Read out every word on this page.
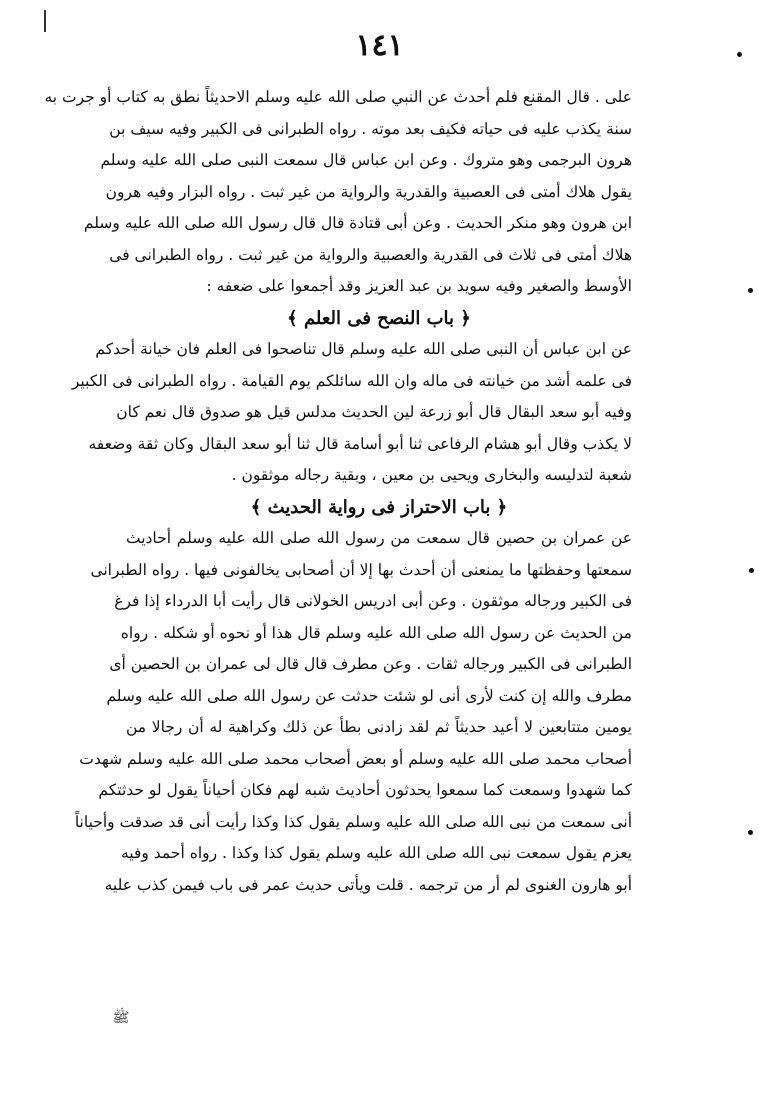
١٤١
على . قال المقنع فلم أحدث عن النبي صلى الله عليه وسلم الاحديثاً نطق به كتاب أو جرت به
سنة يكذب عليه فى حياته فكيف بعد موته . رواه الطبرانى فى الكبير وفيه سيف بن
هرون البرجمى وهو متروك . وعن ابن عباس قال سمعت النبى صلى الله عليه وسلم
يقول هلاك أمتى فى العصبية والقدرية والرواية من غير ثبت . رواه البزار وفيه هرون
ابن هرون وهو منكر الحديث . وعن أبى قتادة قال قال رسول الله صلى الله عليه وسلم
هلاك أمتى فى ثلاث فى القدرية والعصبية والرواية من غير ثبت . رواه الطبرانى فى
الأوسط والصغير وفيه سويد بن عبد العزيز وقد أجمعوا على ضعفه :
﴿ باب النصح فى العلم ﴾
عن ابن عباس أن النبى صلى الله عليه وسلم قال تناصحوا فى العلم فان خيانة أحدكم
فى علمه أشد من خيانته فى ماله وان الله سائلكم يوم القيامة . رواه الطبرانى فى الكبير
وفيه أبو سعد البقال قال أبو زرعة لين الحديث مدلس قيل هو صدوق قال نعم كان
لا يكذب وقال أبو هشام الرفاعى ثنا أبو أسامة قال ثنا أبو سعد البقال وكان ثقة وضعفه
شعبة لتدليسه والبخارى ويحيى بن معين ، وبقية رجاله موثقون .
﴿ باب الاحتراز فى رواية الحديث ﴾
عن عمران بن حصين قال سمعت من رسول الله صلى الله عليه وسلم أحاديث
سمعتها وحفظتها ما يمنعنى أن أحدث بها إلا أن أصحابى يخالفونى فيها . رواه الطبرانى
فى الكبير ورجاله موثقون . وعن أبى ادريس الخولانى قال رأيت أبا الدرداء إذا فرغ
من الحديث عن رسول الله صلى الله عليه وسلم قال هذا أو نحوه أو شكله . رواه
الطبرانى فى الكبير ورجاله ثقات . وعن مطرف قال قال لى عمران بن الحصين أى
مطرف والله إن كنت لأرى أنى لو شئت حدثت عن رسول الله صلى الله عليه وسلم
يومين متتابعين لا أعيد حديثاً ثم لقد زادنى بطأ عن ذلك وكراهية له أن رجالا من
أصحاب محمد صلى الله عليه وسلم أو بعض أصحاب محمد صلى الله عليه وسلم شهدت
كما شهدوا وسمعت كما سمعوا يحدثون أحاديث شبه لهم فكان أحياناً يقول لو حدثتكم
أنى سمعت من نبى الله صلى الله عليه وسلم يقول كذا وكذا رأيت أنى قد صدقت وأحياناً
يعزم يقول سمعت نبى الله صلى الله عليه وسلم يقول كذا وكذا . رواه أحمد وفيه
أبو هارون الغنوى لم أر من ترجمه . قلت ويأتى حديث عمر فى باب فيمن كذب عليه
ﷺ
